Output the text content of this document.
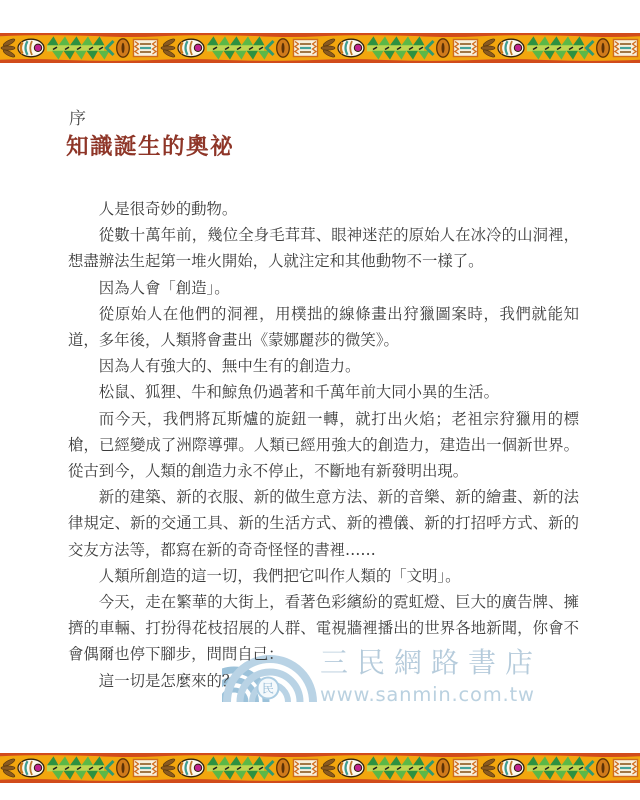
序
知識誕生的奧祕
民
三民網路書店
www.sanmin.com.tw

人是很奇妙的動物。

從數十萬年前，幾位全身毛茸茸、眼神迷茫的原始人在冰冷的山洞裡，想盡辦法生起第一堆火開始，人就注定和其他動物不一樣了。

因為人會「創造」。

從原始人在他們的洞裡，用樸拙的線條畫出狩獵圖案時，我們就能知道，多年後，人類將會畫出《蒙娜麗莎的微笑》。

因為人有強大的、無中生有的創造力。

松鼠、狐狸、牛和鯨魚仍過著和千萬年前大同小異的生活。

而今天，我們將瓦斯爐的旋鈕一轉，就打出火焰；老祖宗狩獵用的標槍，已經變成了洲際導彈。人類已經用強大的創造力，建造出一個新世界。從古到今，人類的創造力永不停止，不斷地有新發明出現。

新的建築、新的衣服、新的做生意方法、新的音樂、新的繪畫、新的法律規定、新的交通工具、新的生活方式、新的禮儀、新的打招呼方式、新的交友方法等，都寫在新的奇奇怪怪的書裡……

人類所創造的這一切，我們把它叫作人類的「文明」。

今天，走在繁華的大街上，看著色彩繽紛的霓虹燈、巨大的廣告牌、擁擠的車輛、打扮得花枝招展的人群、電視牆裡播出的世界各地新聞，你會不會偶爾也停下腳步，問問自己：

這一切是怎麼來的？
